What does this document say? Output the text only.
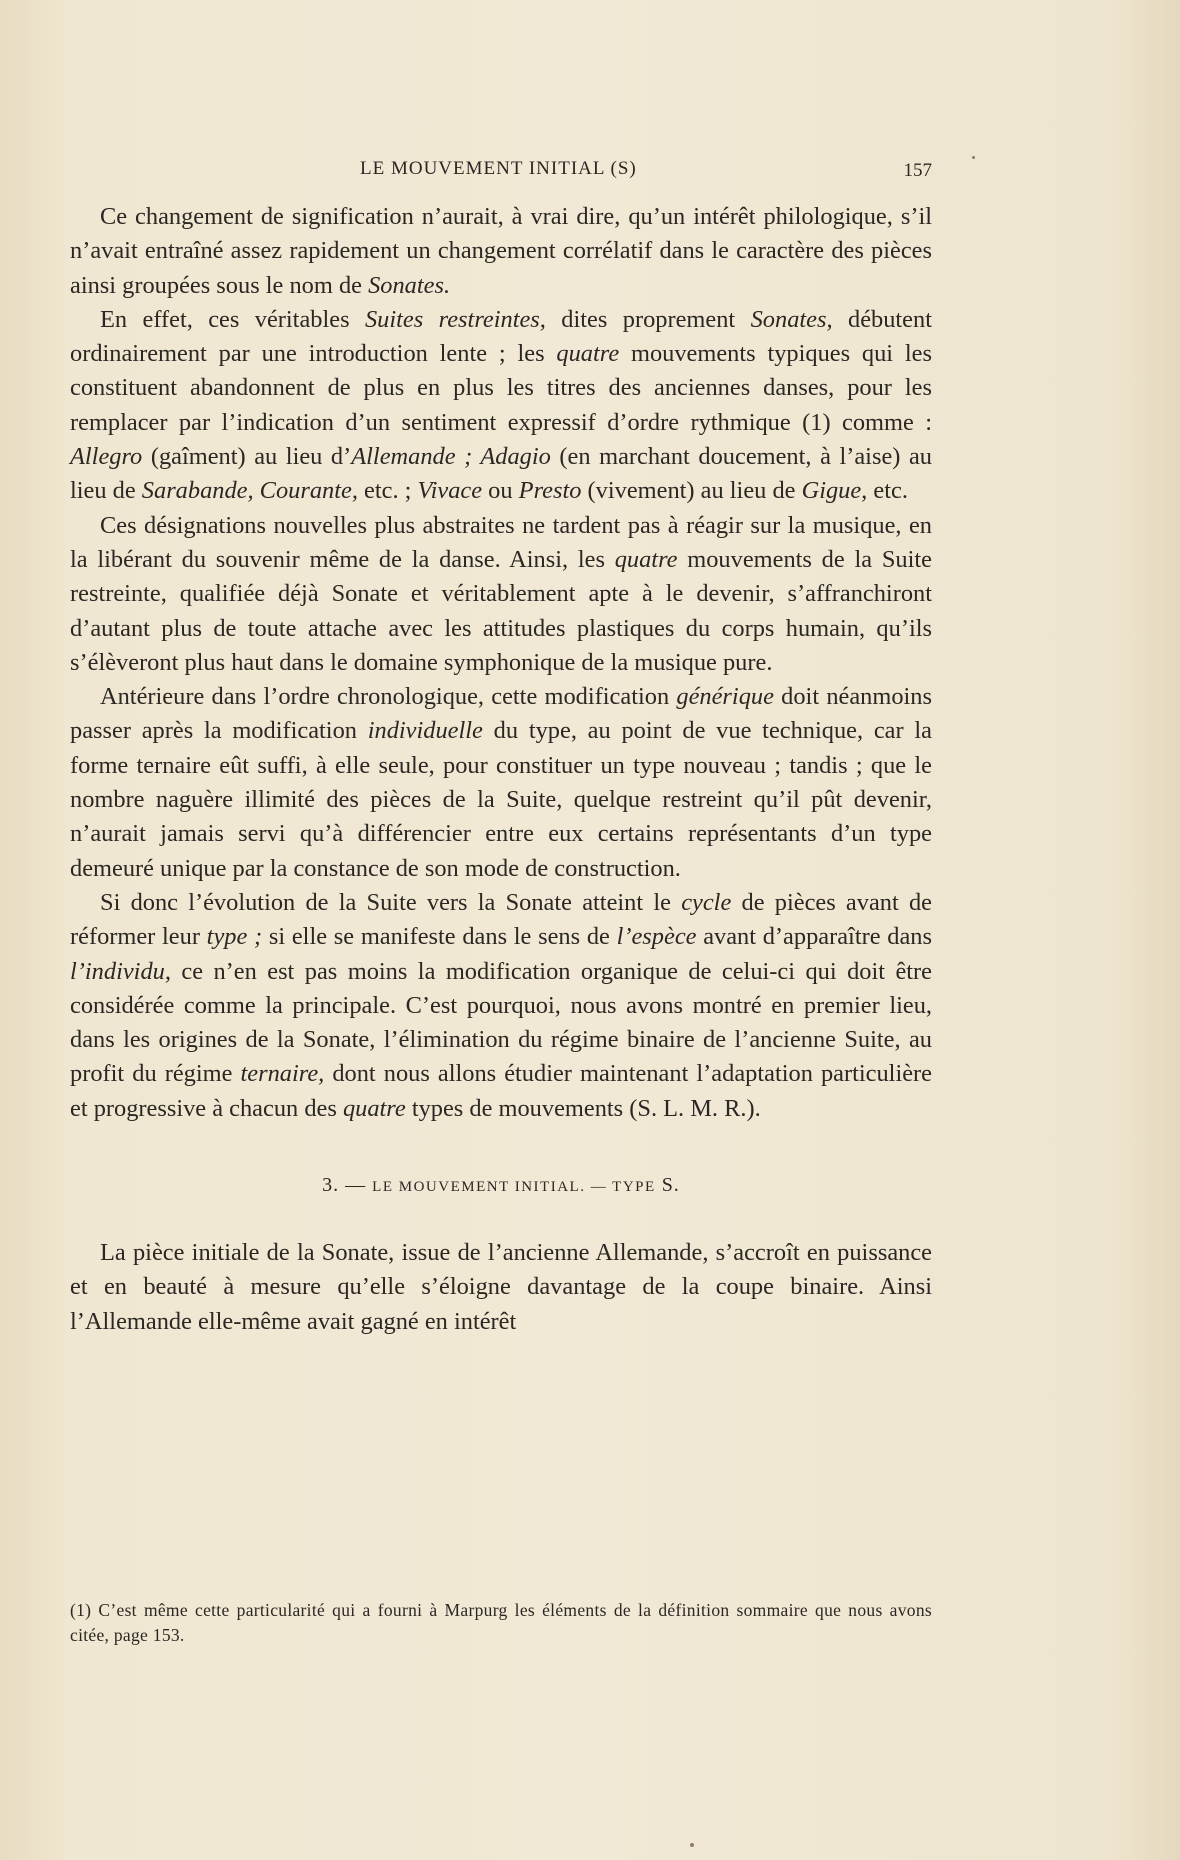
LE MOUVEMENT INITIAL (S)	157

Ce changement de signification n’aurait, à vrai dire, qu’un intérêt philologique, s’il n’avait entraîné assez rapidement un changement corrélatif dans le caractère des pièces ainsi groupées sous le nom de Sonates.

En effet, ces véritables Suites restreintes, dites proprement Sonates, débutent ordinairement par une introduction lente ; les quatre mouvements typiques qui les constituent abandonnent de plus en plus les titres des anciennes danses, pour les remplacer par l’indication d’un sentiment expressif d’ordre rythmique (1) comme : Allegro (gaîment) au lieu d’Allemande ; Adagio (en marchant doucement, à l’aise) au lieu de Sarabande, Courante, etc. ; Vivace ou Presto (vivement) au lieu de Gigue, etc.

Ces désignations nouvelles plus abstraites ne tardent pas à réagir sur la musique, en la libérant du souvenir même de la danse. Ainsi, les quatre mouvements de la Suite restreinte, qualifiée déjà Sonate et véritablement apte à le devenir, s’affranchiront d’autant plus de toute attache avec les attitudes plastiques du corps humain, qu’ils s’élèveront plus haut dans le domaine symphonique de la musique pure.

Antérieure dans l’ordre chronologique, cette modification générique doit néanmoins passer après la modification individuelle du type, au point de vue technique, car la forme ternaire eût suffi, à elle seule, pour constituer un type nouveau ; tandis ; que le nombre naguère illimité des pièces de la Suite, quelque restreint qu’il pût devenir, n’aurait jamais servi qu’à différencier entre eux certains représentants d’un type demeuré unique par la constance de son mode de construction.

Si donc l’évolution de la Suite vers la Sonate atteint le cycle de pièces avant de réformer leur type ; si elle se manifeste dans le sens de l’espèce avant d’apparaître dans l’individu, ce n’en est pas moins la modification organique de celui-ci qui doit être considérée comme la principale. C’est pourquoi, nous avons montré en premier lieu, dans les origines de la Sonate, l’élimination du régime binaire de l’ancienne Suite, au profit du régime ternaire, dont nous allons étudier maintenant l’adaptation particulière et progressive à chacun des quatre types de mouvements (S. L. M. R.).

3. — LE MOUVEMENT INITIAL. — TYPE S.

La pièce initiale de la Sonate, issue de l’ancienne Allemande, s’accroît en puissance et en beauté à mesure qu’elle s’éloigne davantage de la coupe binaire. Ainsi l’Allemande elle-même avait gagné en intérêt

(1) C’est même cette particularité qui a fourni à Marpurg les éléments de la définition sommaire que nous avons citée, page 153.
